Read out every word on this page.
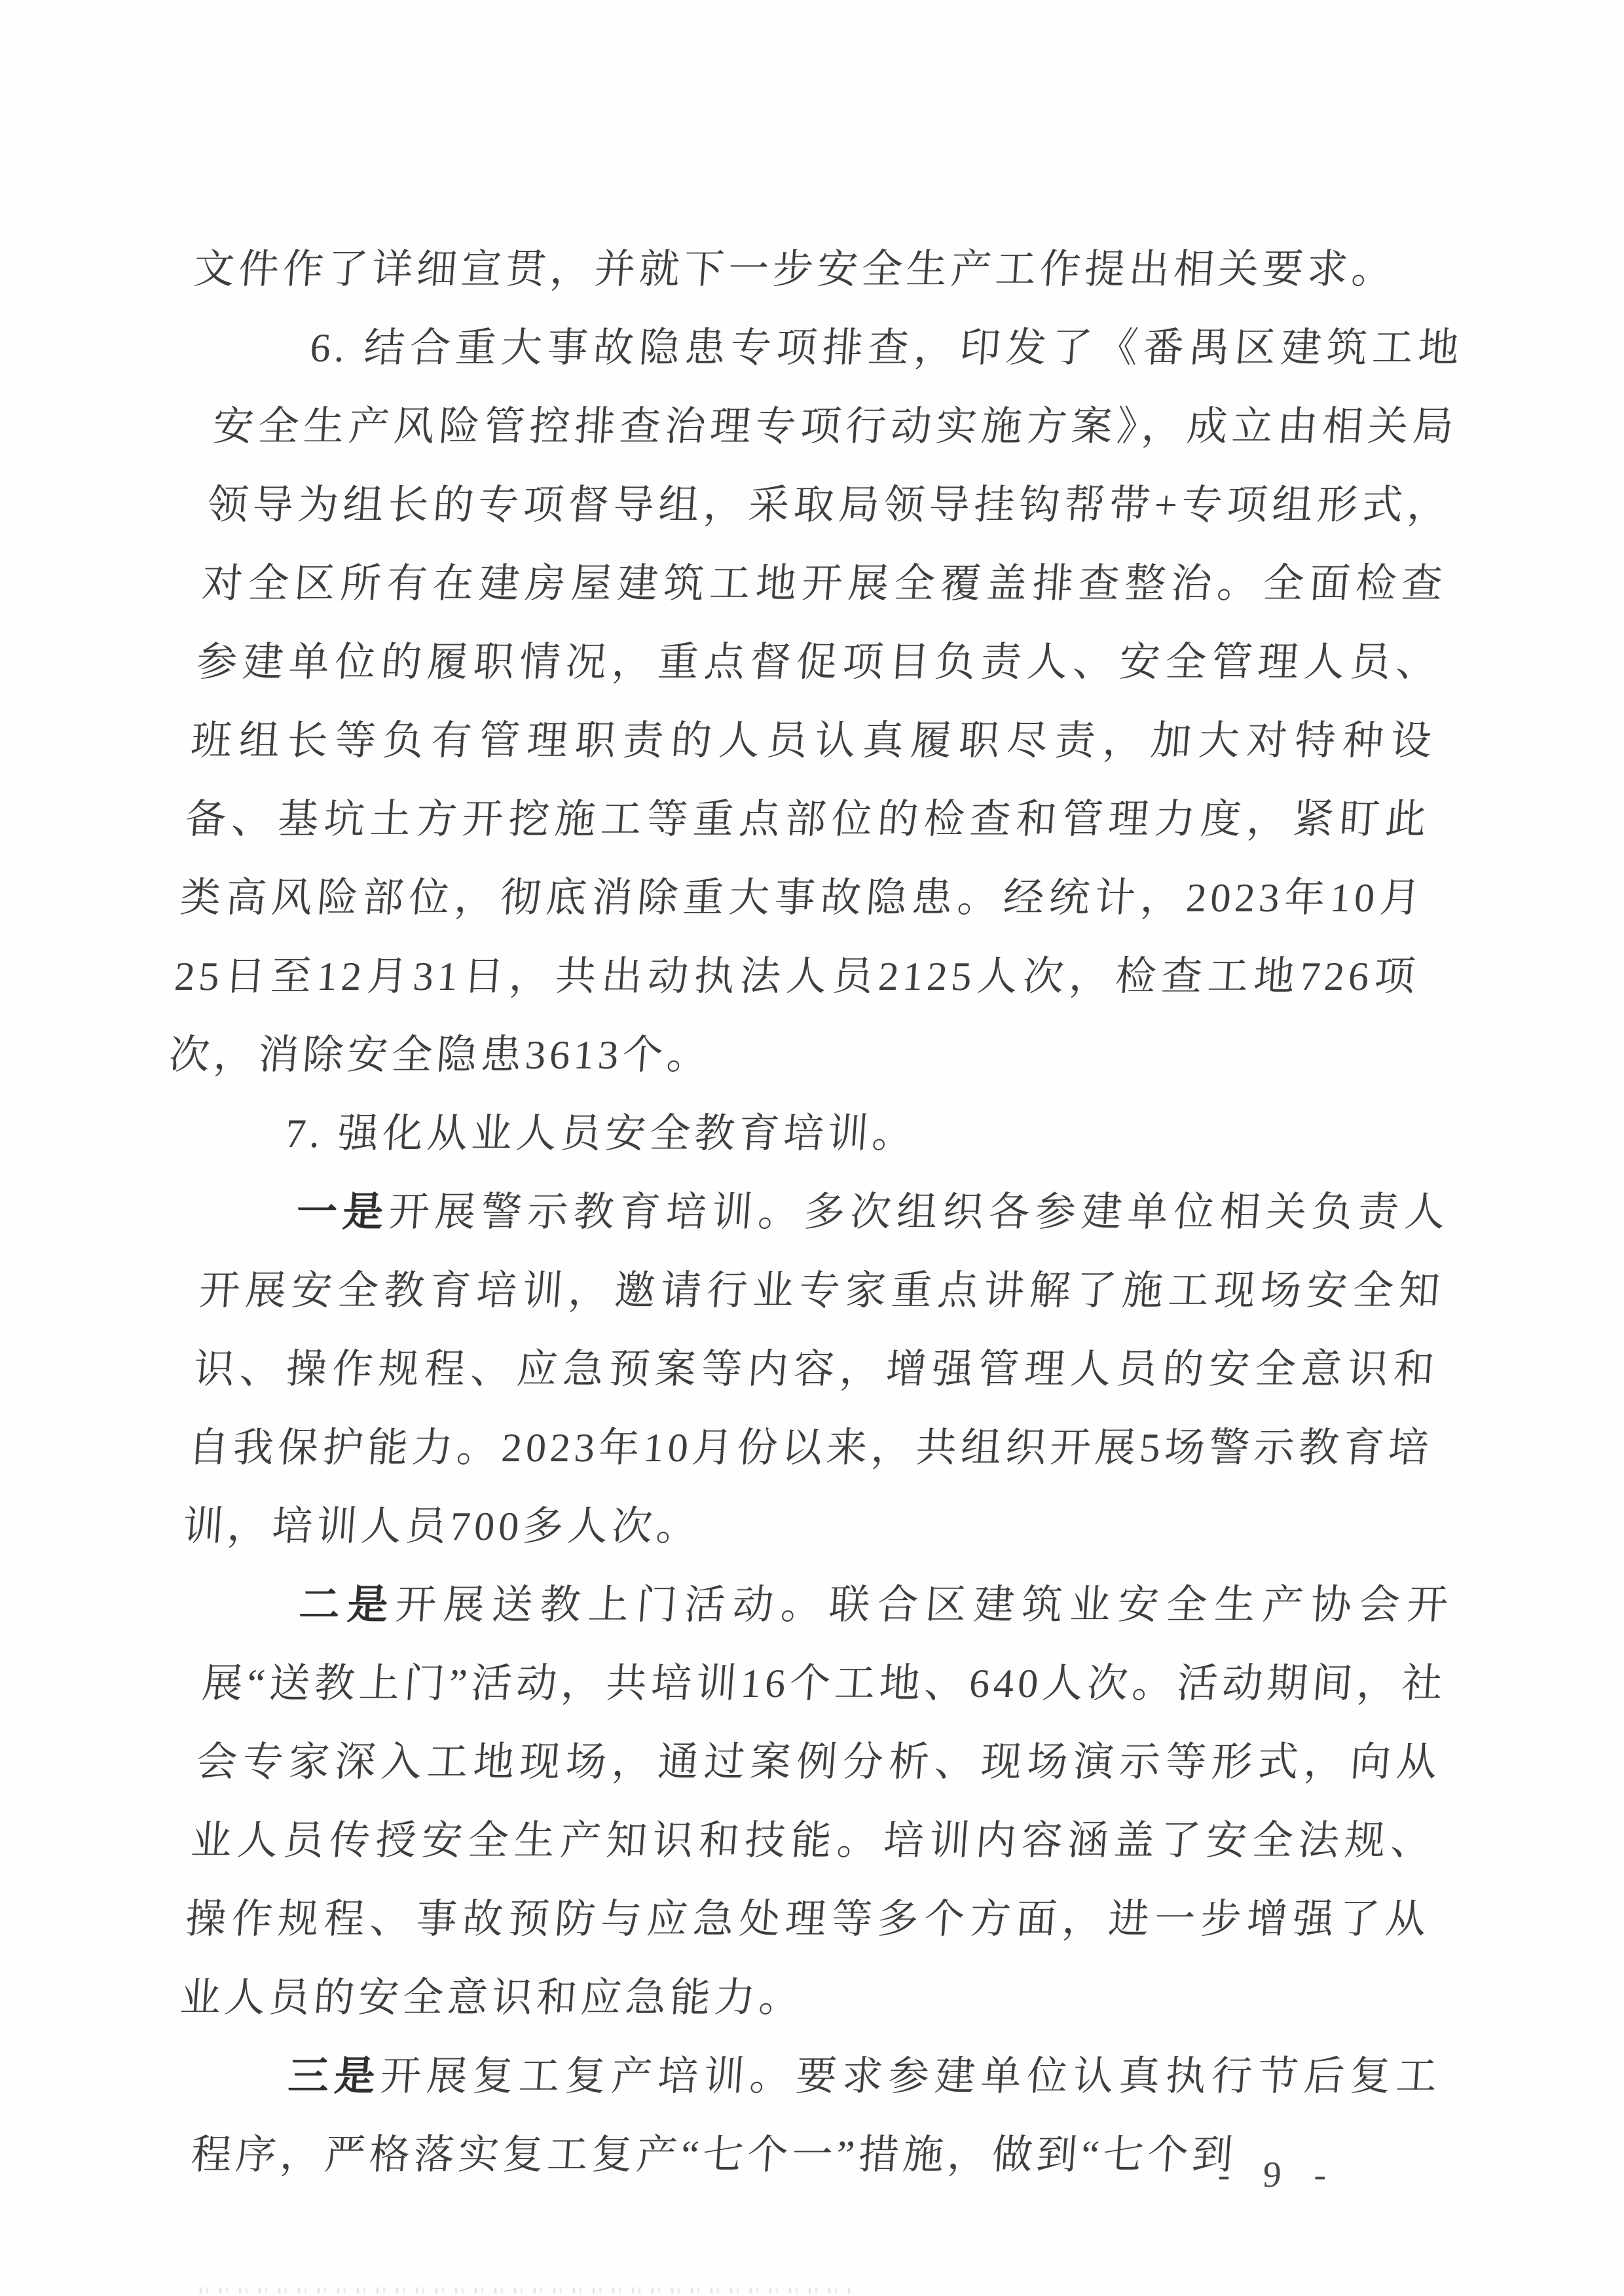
文件作了详细宣贯，并就下一步安全生产工作提出相关要求。

6. 结合重大事故隐患专项排查，印发了《番禺区建筑工地安全生产风险管控排查治理专项行动实施方案》，成立由相关局领导为组长的专项督导组，采取局领导挂钩帮带+专项组形式，对全区所有在建房屋建筑工地开展全覆盖排查整治。全面检查参建单位的履职情况，重点督促项目负责人、安全管理人员、班组长等负有管理职责的人员认真履职尽责，加大对特种设备、基坑土方开挖施工等重点部位的检查和管理力度，紧盯此类高风险部位，彻底消除重大事故隐患。经统计，2023年10月25日至12月31日，共出动执法人员2125人次，检查工地726项次，消除安全隐患3613个。

7. 强化从业人员安全教育培训。

一是开展警示教育培训。多次组织各参建单位相关负责人开展安全教育培训，邀请行业专家重点讲解了施工现场安全知识、操作规程、应急预案等内容，增强管理人员的安全意识和自我保护能力。2023年10月份以来，共组织开展5场警示教育培训，培训人员700多人次。

二是开展送教上门活动。联合区建筑业安全生产协会开展“送教上门”活动，共培训16个工地、640人次。活动期间，社会专家深入工地现场，通过案例分析、现场演示等形式，向从业人员传授安全生产知识和技能。培训内容涵盖了安全法规、操作规程、事故预防与应急处理等多个方面，进一步增强了从业人员的安全意识和应急能力。

三是开展复工复产培训。要求参建单位认真执行节后复工程序，严格落实复工复产“七个一”措施，做到“七个到

- 9 -
